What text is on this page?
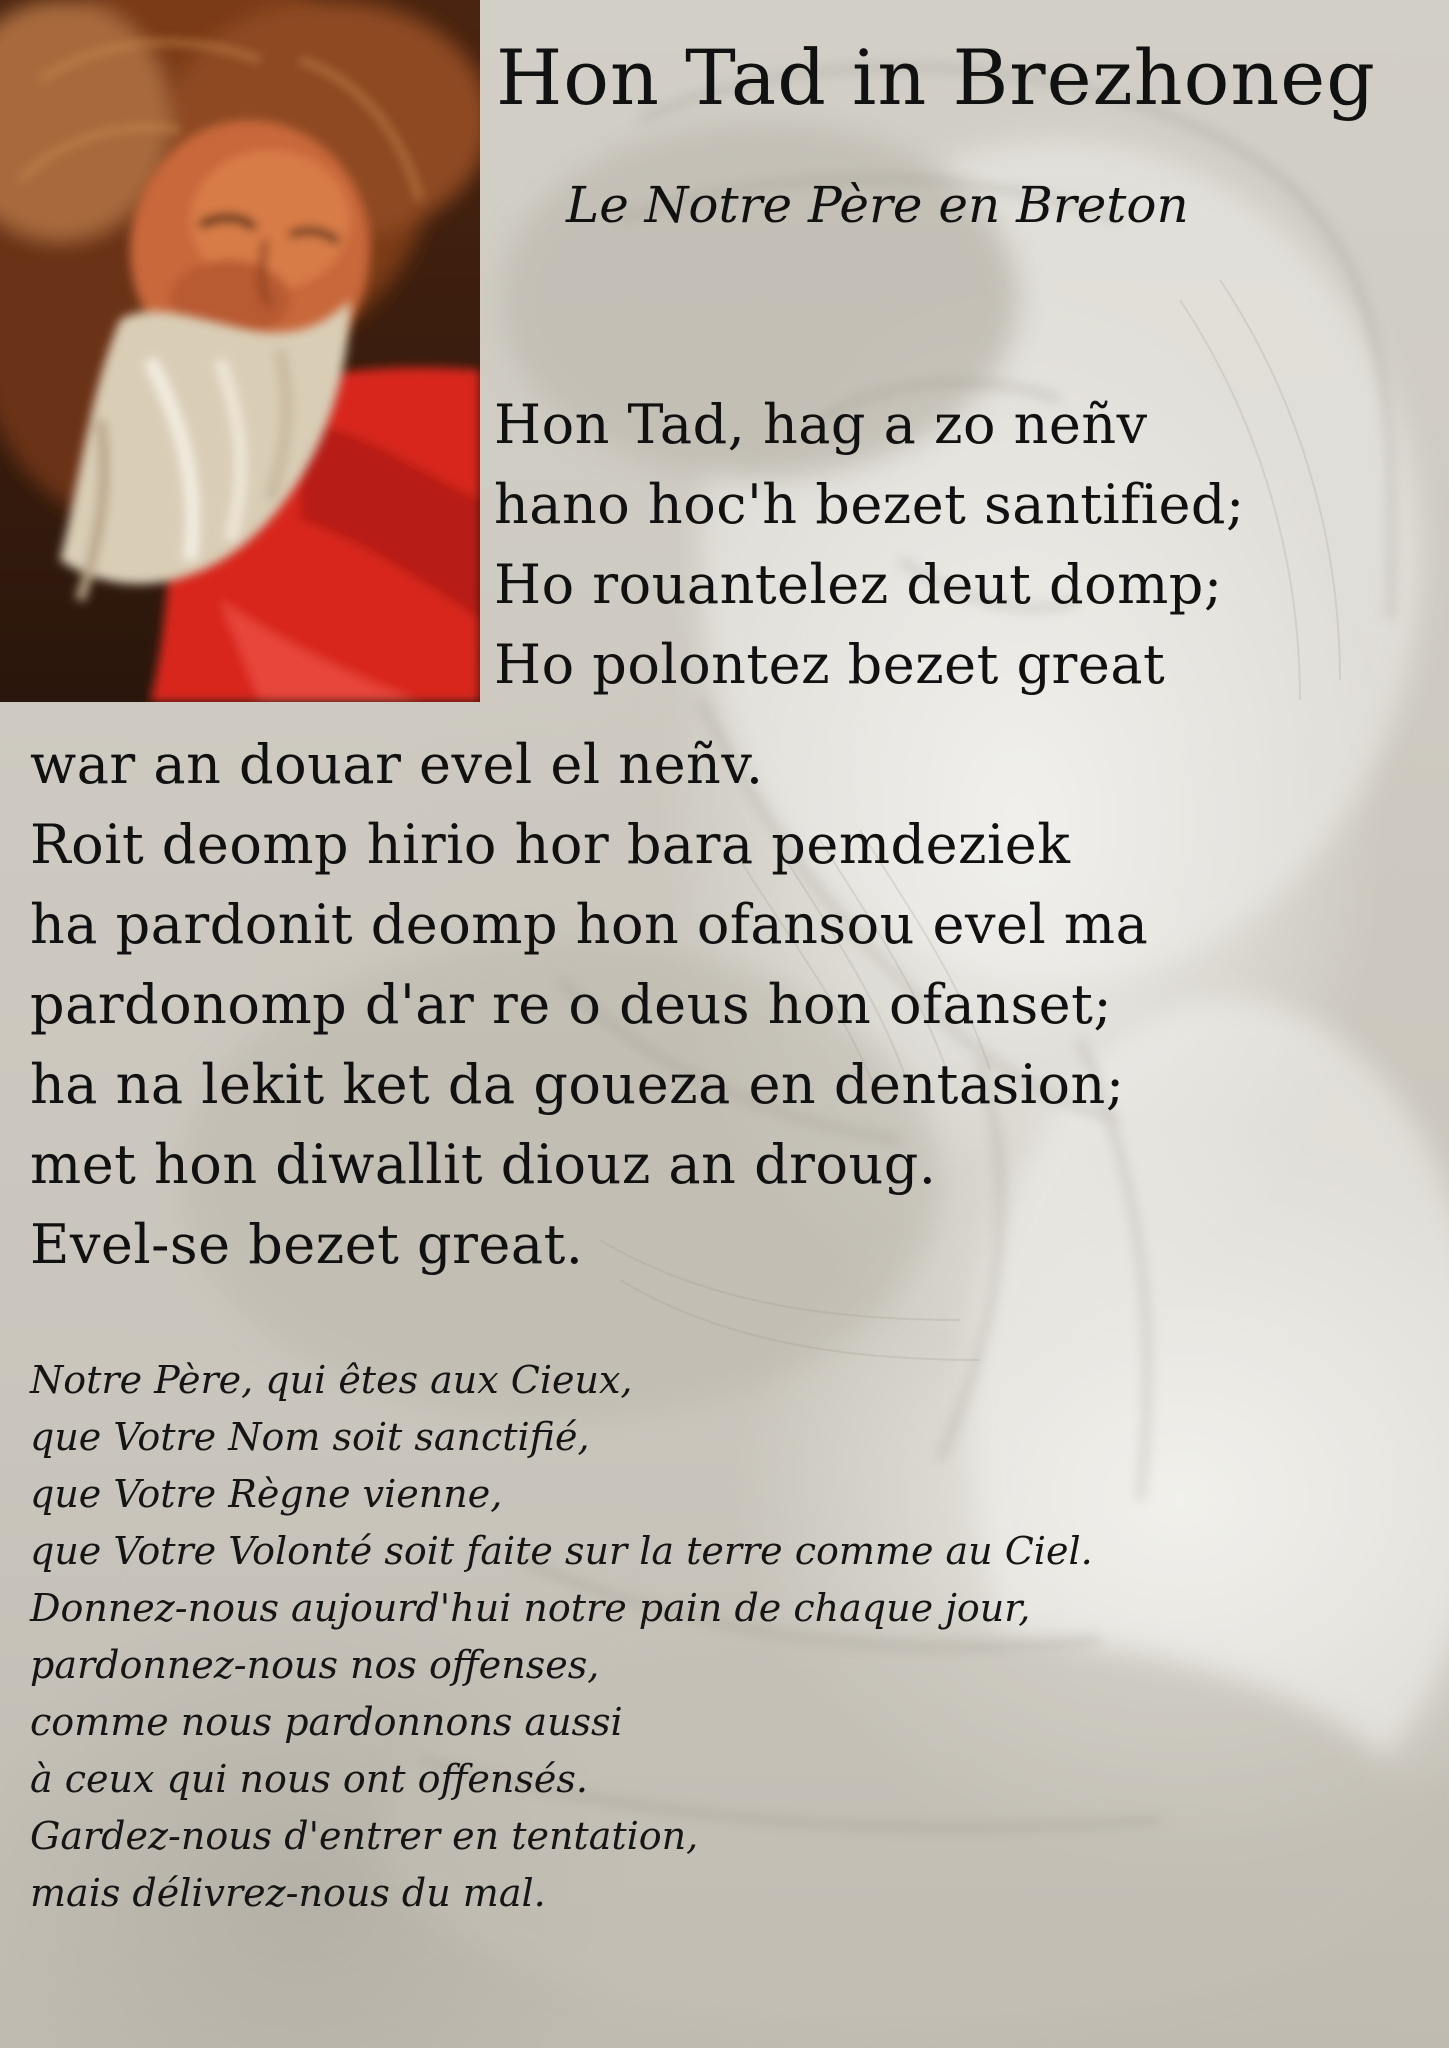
Hon Tad in Brezhoneg
Le Notre Père en Breton

Hon Tad, hag a zo neñv

hano hoc'h bezet santified;

Ho rouantelez deut domp;

Ho polontez bezet great

war an douar evel el neñv.

Roit deomp hirio hor bara pemdeziek

ha pardonit deomp hon ofansou evel ma

pardonomp d'ar re o deus hon ofanset;

ha na lekit ket da goueza en dentasion;

met hon diwallit diouz an droug.

Evel-se bezet great.

Notre Père, qui êtes aux Cieux,

que Votre Nom soit sanctifié,

que Votre Règne vienne,

que Votre Volonté soit faite sur la terre comme au Ciel.

Donnez-nous aujourd'hui notre pain de chaque jour,

pardonnez-nous nos offenses,

comme nous pardonnons aussi

à ceux qui nous ont offensés.

Gardez-nous d'entrer en tentation,

mais délivrez-nous du mal.
